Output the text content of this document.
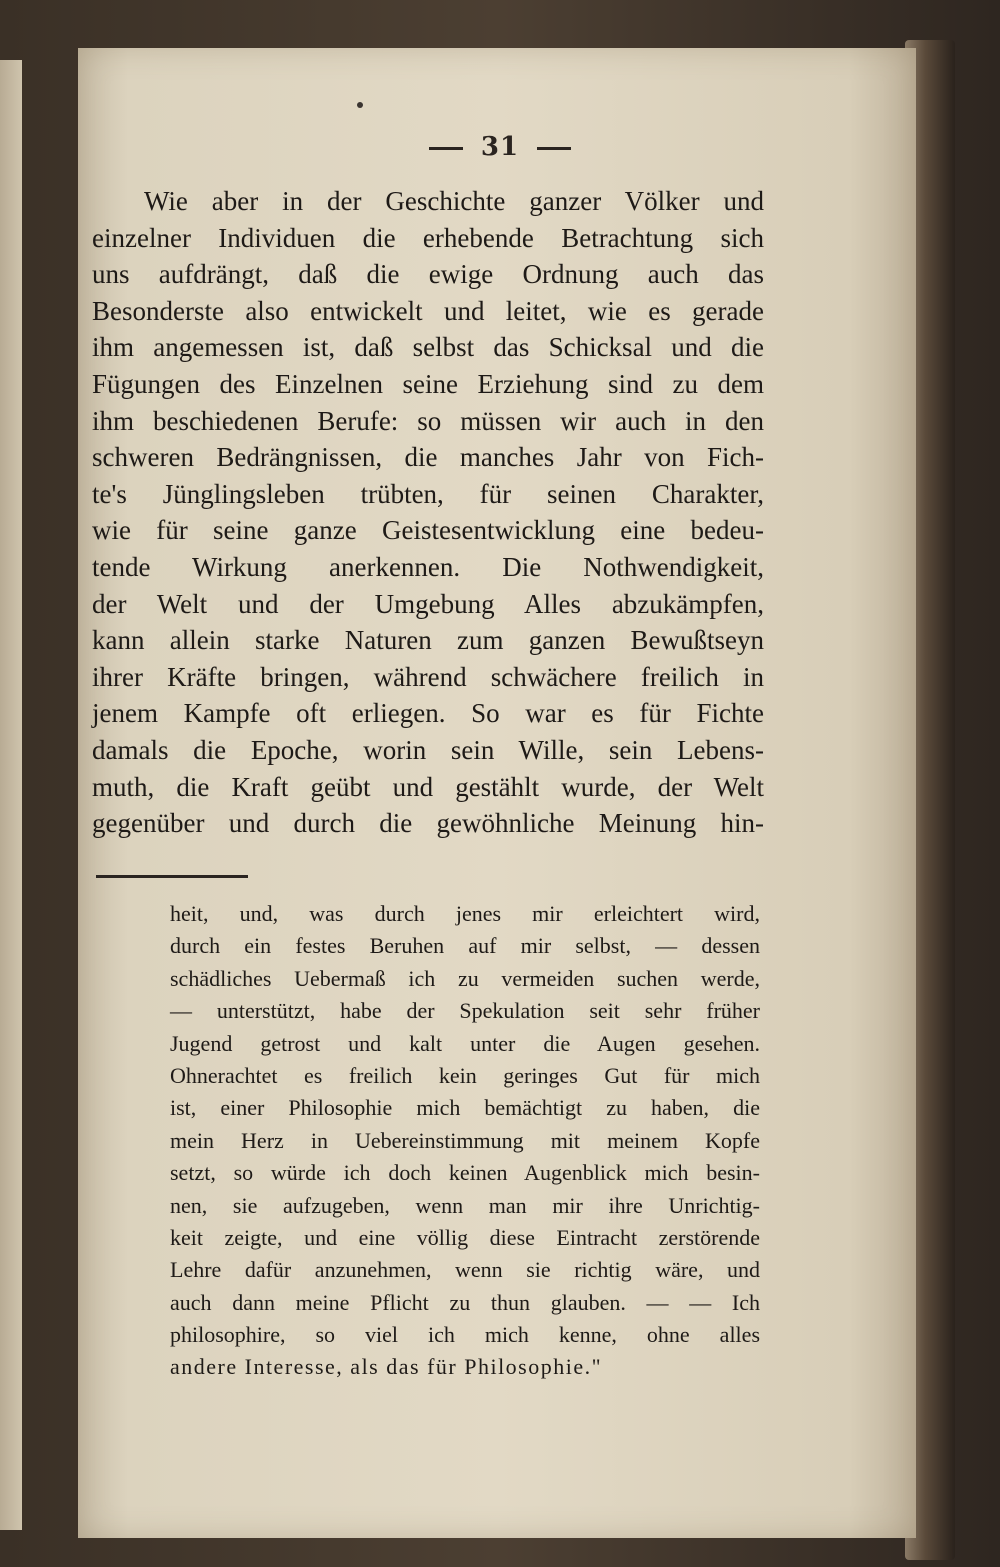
31
Wie aber in der Geschichte ganzer Völker und
einzelner Individuen die erhebende Betrachtung sich
uns aufdrängt, daß die ewige Ordnung auch das
Besonderste also entwickelt und leitet, wie es gerade
ihm angemessen ist, daß selbst das Schicksal und die
Fügungen des Einzelnen seine Erziehung sind zu dem
ihm beschiedenen Berufe: so müssen wir auch in den
schweren Bedrängnissen, die manches Jahr von Fich-
te's Jünglingsleben trübten, für seinen Charakter,
wie für seine ganze Geistesentwicklung eine bedeu-
tende Wirkung anerkennen. Die Nothwendigkeit,
der Welt und der Umgebung Alles abzukämpfen,
kann allein starke Naturen zum ganzen Bewußtseyn
ihrer Kräfte bringen, während schwächere freilich in
jenem Kampfe oft erliegen. So war es für Fichte
damals die Epoche, worin sein Wille, sein Lebens-
muth, die Kraft geübt und gestählt wurde, der Welt
gegenüber und durch die gewöhnliche Meinung hin-
heit, und, was durch jenes mir erleichtert wird,
durch ein festes Beruhen auf mir selbst, — dessen
schädliches Uebermaß ich zu vermeiden suchen werde,
— unterstützt, habe der Spekulation seit sehr früher
Jugend getrost und kalt unter die Augen gesehen.
Ohnerachtet es freilich kein geringes Gut für mich
ist, einer Philosophie mich bemächtigt zu haben, die
mein Herz in Uebereinstimmung mit meinem Kopfe
setzt, so würde ich doch keinen Augenblick mich besin-
nen, sie aufzugeben, wenn man mir ihre Unrichtig-
keit zeigte, und eine völlig diese Eintracht zerstörende
Lehre dafür anzunehmen, wenn sie richtig wäre, und
auch dann meine Pflicht zu thun glauben. — — Ich
philosophire, so viel ich mich kenne, ohne alles
andere Interesse, als das für Philosophie."
